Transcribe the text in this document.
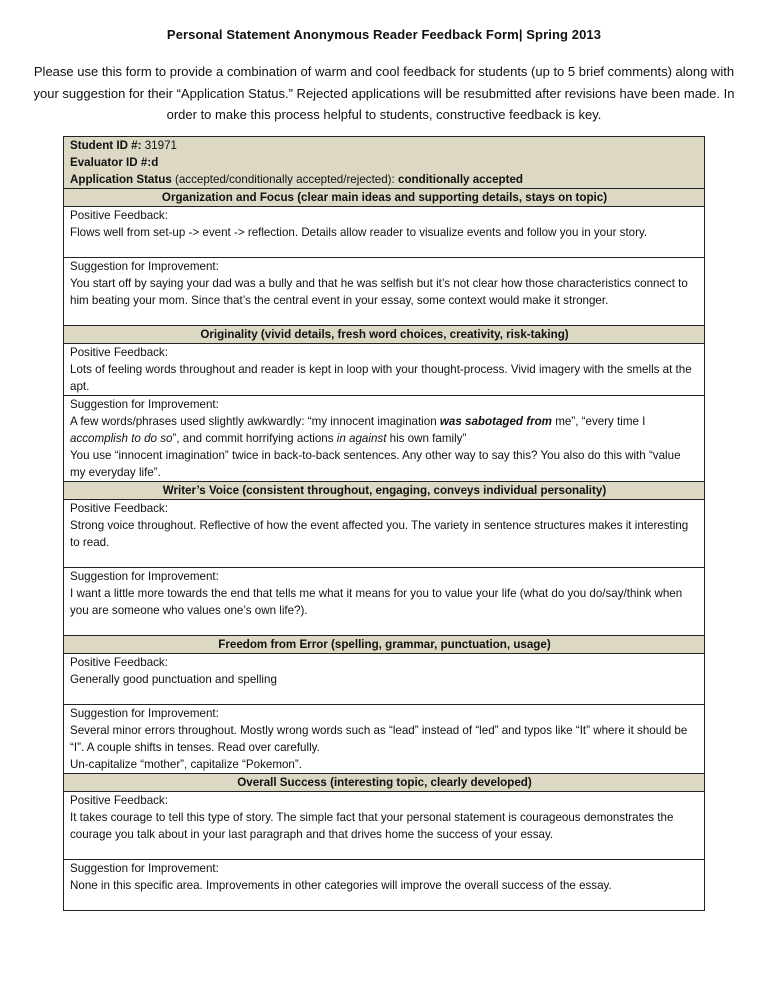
Personal Statement Anonymous Reader Feedback Form| Spring 2013
Please use this form to provide a combination of warm and cool feedback for students (up to 5 brief comments) along with your suggestion for their “Application Status.” Rejected applications will be resubmitted after revisions have been made. In order to make this process helpful to students, constructive feedback is key.
Student ID #: 31971
Evaluator ID #:d
Application Status (accepted/conditionally accepted/rejected): conditionally accepted
Organization and Focus (clear main ideas and supporting details, stays on topic)

Positive Feedback:
Flows well from set-up -> event -> reflection. Details allow reader to visualize events and follow you in your story.

Suggestion for Improvement:
You start off by saying your dad was a bully and that he was selfish but it’s not clear how those characteristics connect to him beating your mom. Since that’s the central event in your essay, some context would make it stronger.
Originality (vivid details, fresh word choices, creativity, risk-taking)

Positive Feedback:
Lots of feeling words throughout and reader is kept in loop with your thought-process. Vivid imagery with the smells at the apt.

Suggestion for Improvement:
A few words/phrases used slightly awkwardly: “my innocent imagination was sabotaged from me”, “every time I accomplish to do so”, and commit horrifying actions in against his own family”
You use “innocent imagination” twice in back-to-back sentences. Any other way to say this? You also do this with “value my everyday life”.
Writer’s Voice (consistent throughout, engaging, conveys individual personality)

Positive Feedback:
Strong voice throughout. Reflective of how the event affected you. The variety in sentence structures makes it interesting to read.

Suggestion for Improvement:
I want a little more towards the end that tells me what it means for you to value your life (what do you do/say/think when you are someone who values one’s own life?).
Freedom from Error (spelling, grammar, punctuation, usage)

Positive Feedback:
Generally good punctuation and spelling

Suggestion for Improvement:
Several minor errors throughout. Mostly wrong words such as “lead” instead of “led” and typos like “It” where it should be “I”. A couple shifts in tenses. Read over carefully.
Un-capitalize “mother”, capitalize “Pokemon”.
Overall Success (interesting topic, clearly developed)

Positive Feedback:
It takes courage to tell this type of story. The simple fact that your personal statement is courageous demonstrates the courage you talk about in your last paragraph and that drives home the success of your essay.

Suggestion for Improvement:
None in this specific area. Improvements in other categories will improve the overall success of the essay.
